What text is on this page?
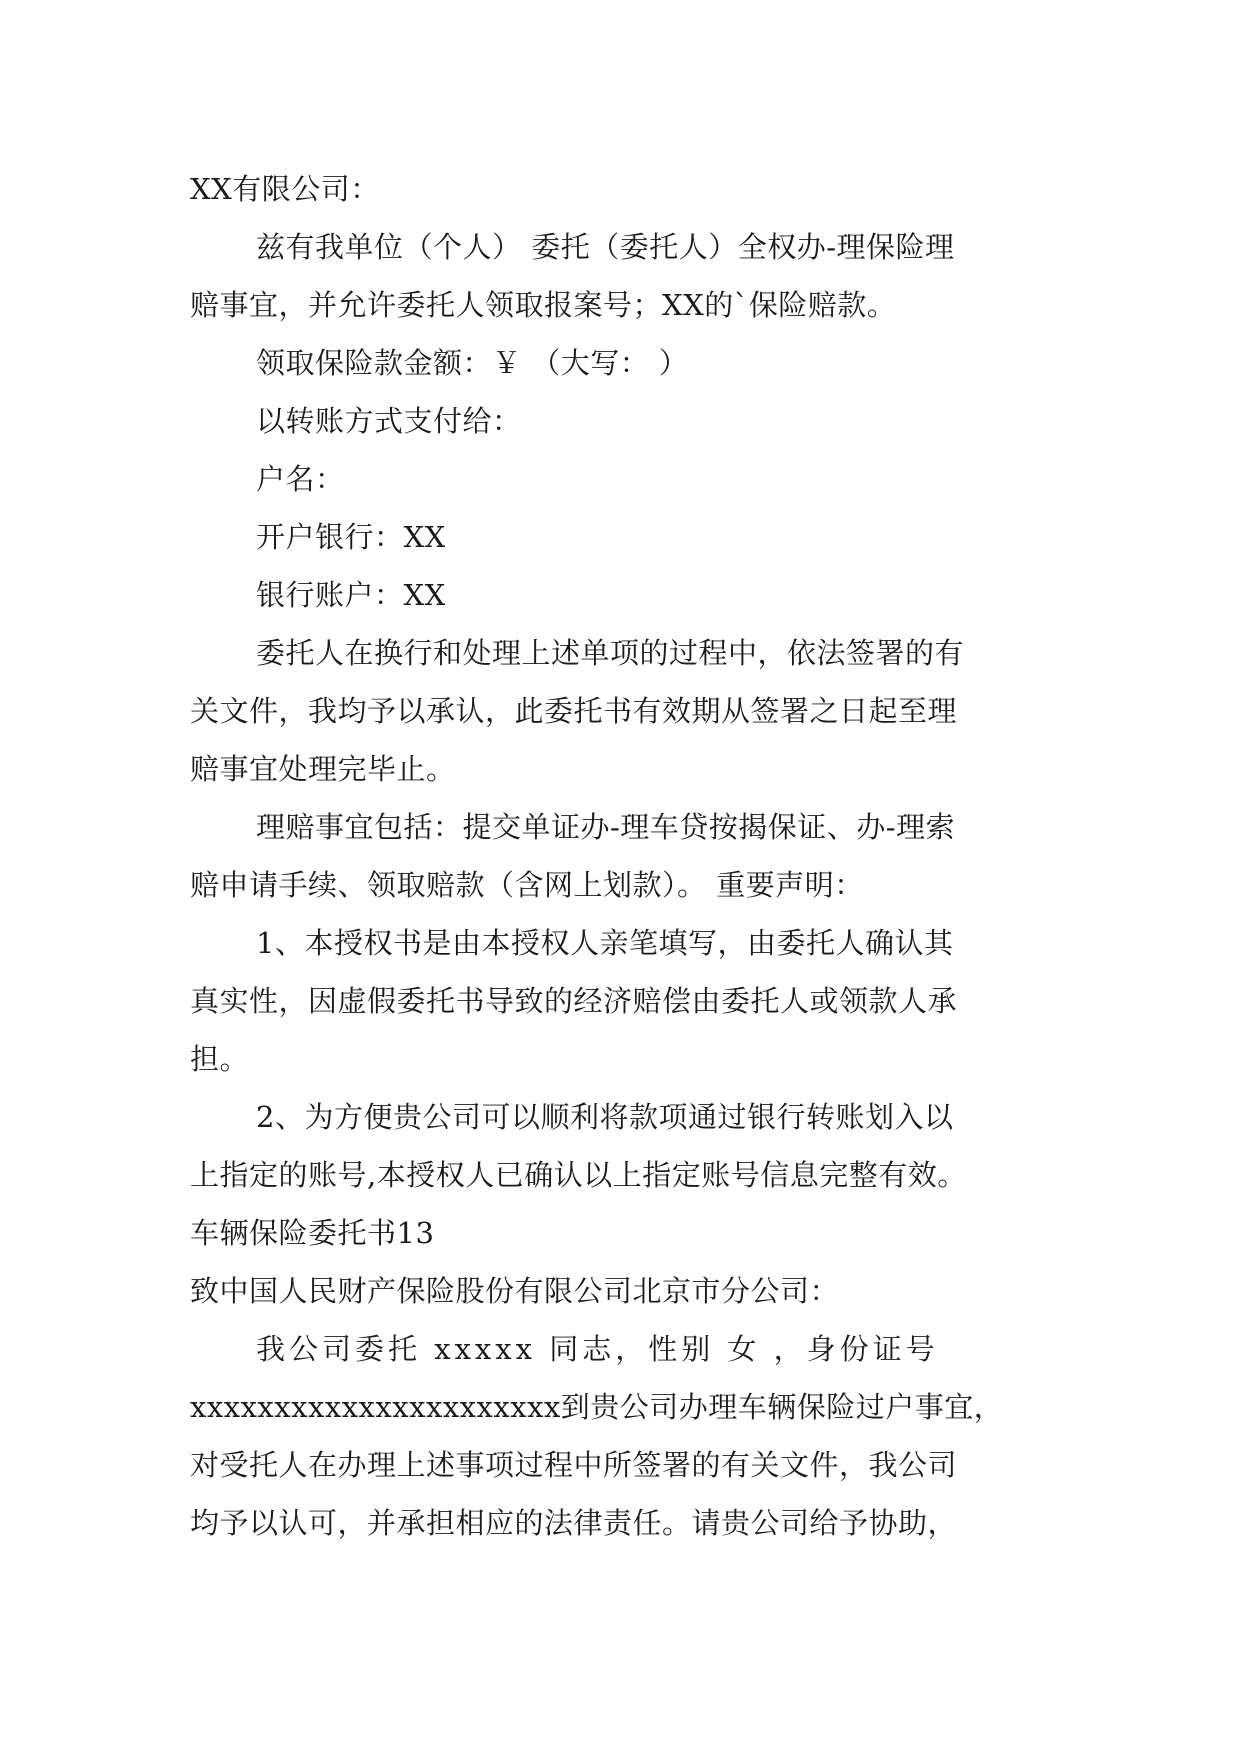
XX有限公司：

兹有我单位（个人） 委托（委托人）全权办-理保险理

赔事宜，并允许委托人领取报案号；XX的`保险赔款。

领取保险款金额：￥ （大写： ）

以转账方式支付给：

户名：

开户银行：XX

银行账户：XX

委托人在换行和处理上述单项的过程中，依法签署的有

关文件，我均予以承认，此委托书有效期从签署之日起至理

赔事宜处理完毕止。

理赔事宜包括：提交单证办-理车贷按揭保证、办-理索

赔申请手续、领取赔款（含网上划款）。 重要声明：

1、本授权书是由本授权人亲笔填写，由委托人确认其

真实性，因虚假委托书导致的经济赔偿由委托人或领款人承

担。

2、为方便贵公司可以顺利将款项通过银行转账划入以

上指定的账号,本授权人已确认以上指定账号信息完整有效。

车辆保险委托书13

致中国人民财产保险股份有限公司北京市分公司：

我公司委托 xxxxx 同志，性别 女 ，身份证号

xxxxxxxxxxxxxxxxxxxxxx到贵公司办理车辆保险过户事宜，

对受托人在办理上述事项过程中所签署的有关文件，我公司

均予以认可，并承担相应的法律责任。请贵公司给予协助，
